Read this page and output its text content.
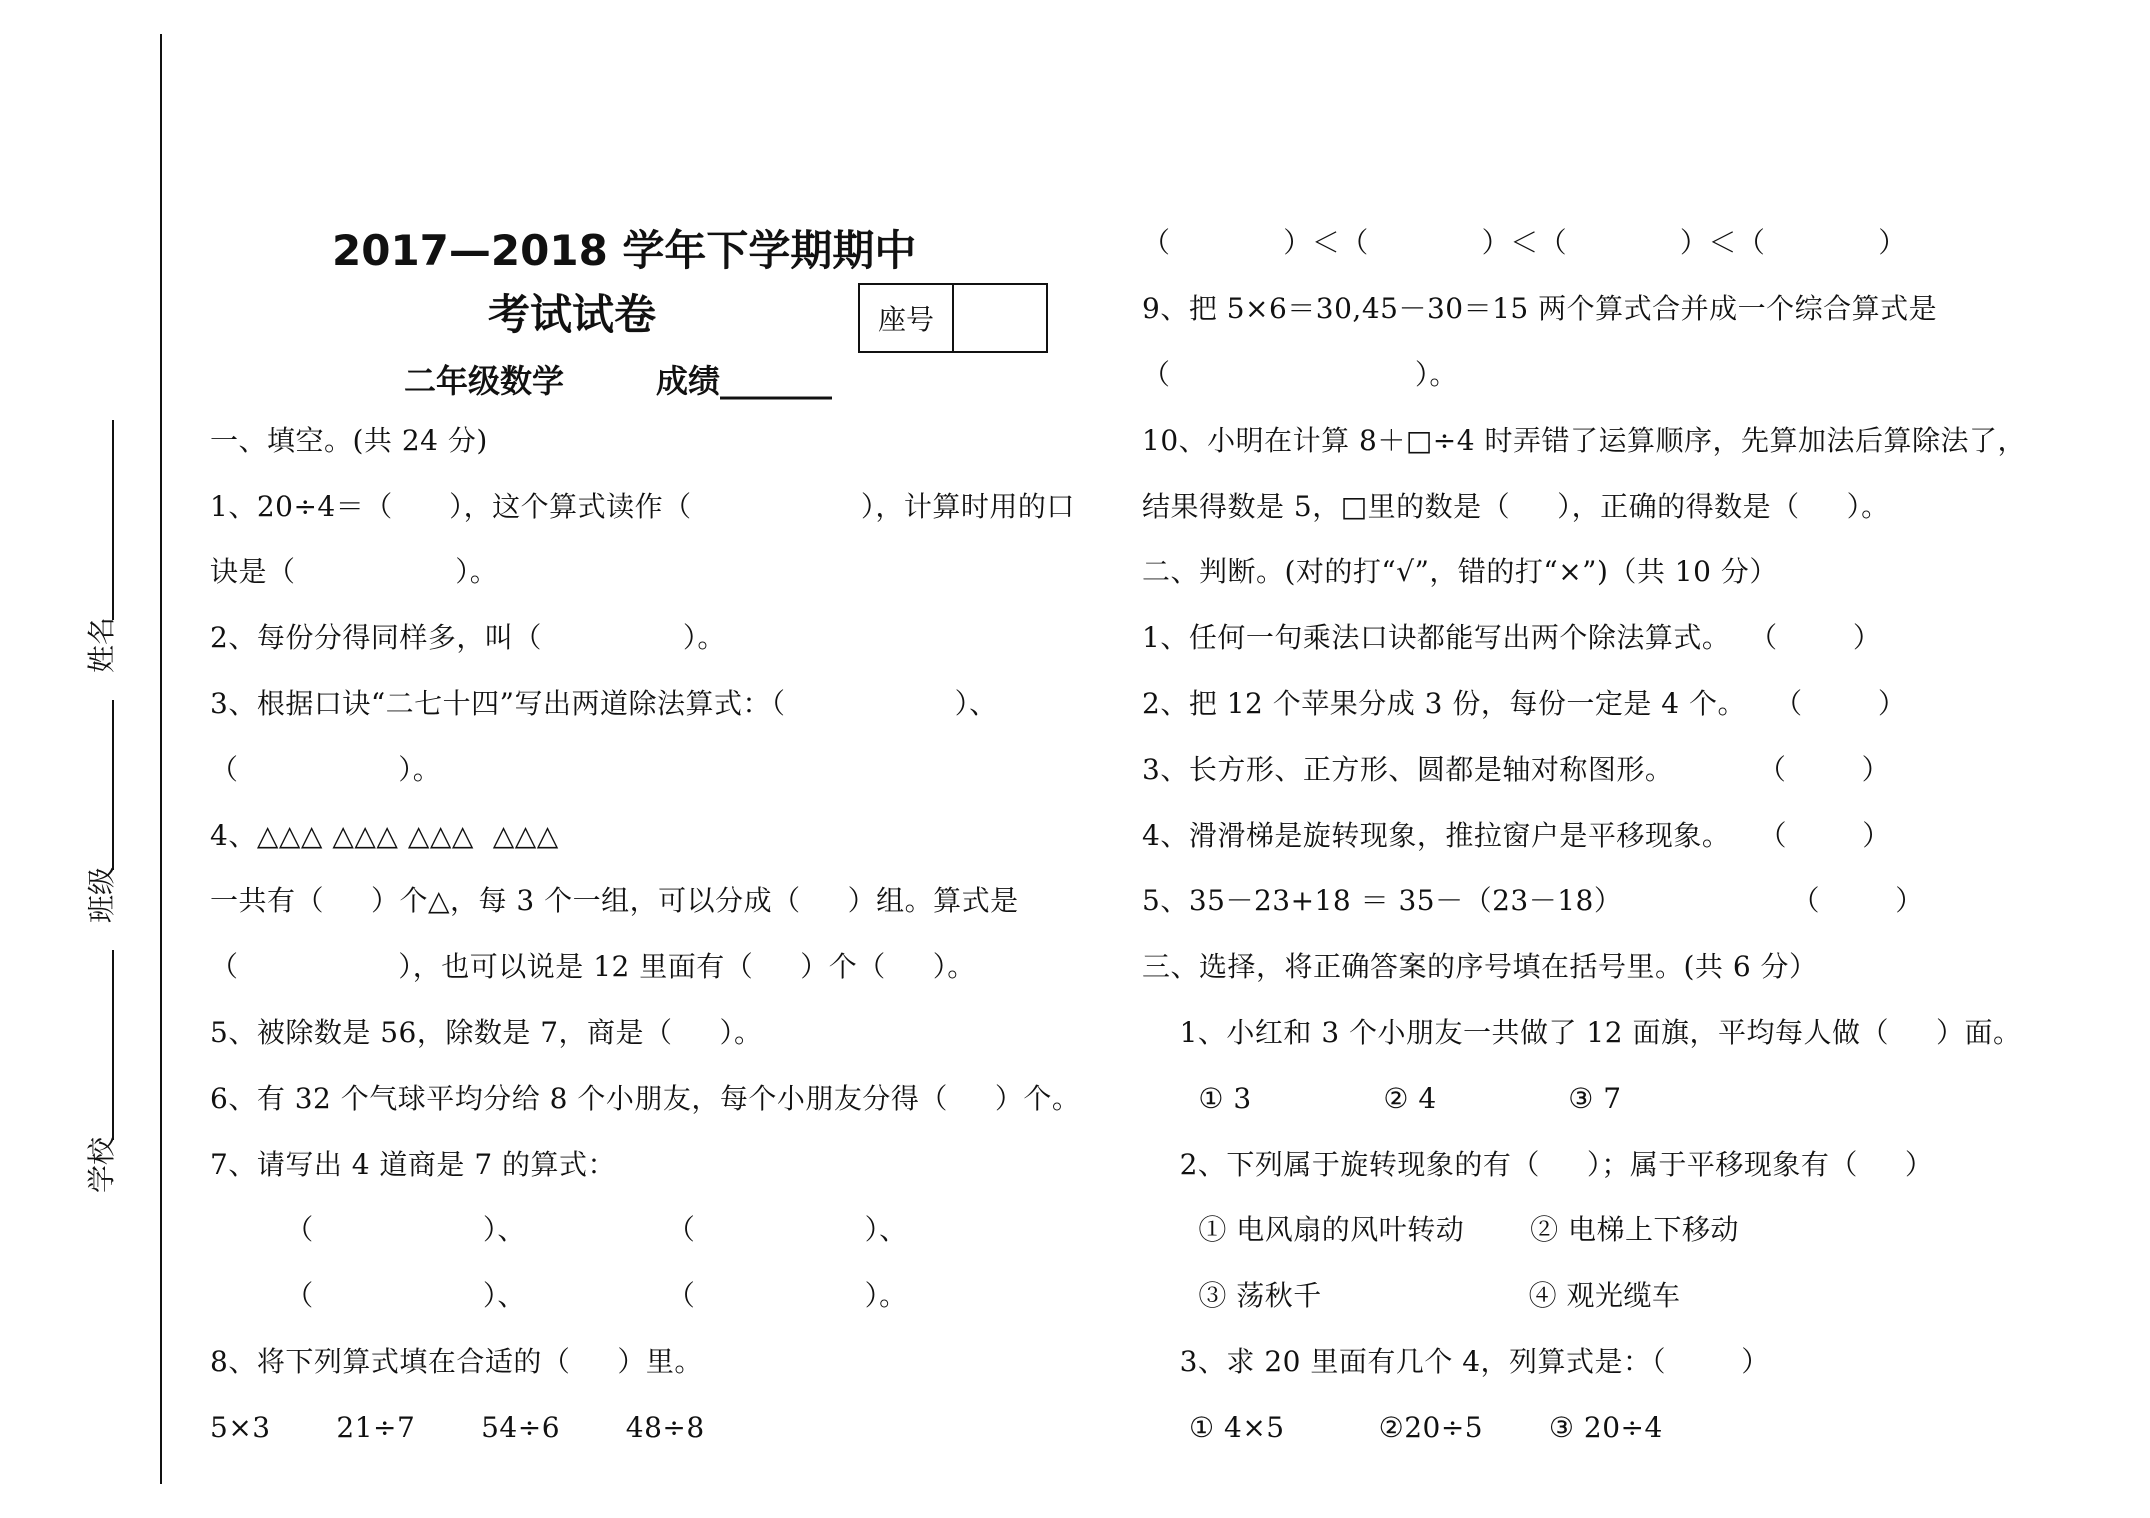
姓名
班级
学校
2017—2018 学年下学期期中
考试试卷	座号
二年级数学	成绩_______
一、填空。(共 24 分)
1、20÷4＝（      ），这个算式读作（                  ），计算时用的口
诀是（                 ）。
2、每份分得同样多，叫（               ）。
3、根据口诀“二七十四”写出两道除法算式：（                  ）、
（                 ）。
4、△△△ △△△ △△△  △△△
一共有（     ）个△，每 3 个一组，可以分成（     ）组。算式是
（                 ），也可以说是 12 里面有（     ）个（     ）。
5、被除数是 56，除数是 7，商是（     ）。
6、有 32 个气球平均分给 8 个小朋友，每个小朋友分得（     ）个。
7、请写出 4 道商是 7 的算式：
（                  ）、               （                  ）、
（                  ）、               （                  ）。
8、将下列算式填在合适的（     ）里。
5×3       21÷7       54÷6       48÷8
（            ）＜（            ）＜（            ）＜（            ）
9、把 5×6＝30,45－30＝15 两个算式合并成一个综合算式是
（                          ）。
10、小明在计算 8＋□÷4 时弄错了运算顺序，先算加法后算除法了，
结果得数是 5，□里的数是（     ），正确的得数是（     ）。
二、判断。(对的打“√”，错的打“×”)（共 10 分）
1、任何一句乘法口诀都能写出两个除法算式。  （        ）
2、把 12 个苹果分成 3 份，每份一定是 4 个。   （        ）
3、长方形、正方形、圆都是轴对称图形。         （        ）
4、滑滑梯是旋转现象，推拉窗户是平移现象。   （        ）
5、35－23+18 ＝ 35－（23－18）                  （        ）
三、选择，将正确答案的序号填在括号里。(共 6 分）
1、小红和 3 个小朋友一共做了 12 面旗，平均每人做（     ）面。
① 3              ② 4              ③ 7
2、下列属于旋转现象的有（     ）；属于平移现象有（     ）
① 电风扇的风叶转动       ② 电梯上下移动
③ 荡秋千                      ④ 观光缆车
3、求 20 里面有几个 4，列算式是：（        ）
① 4×5          ②20÷5       ③ 20÷4
